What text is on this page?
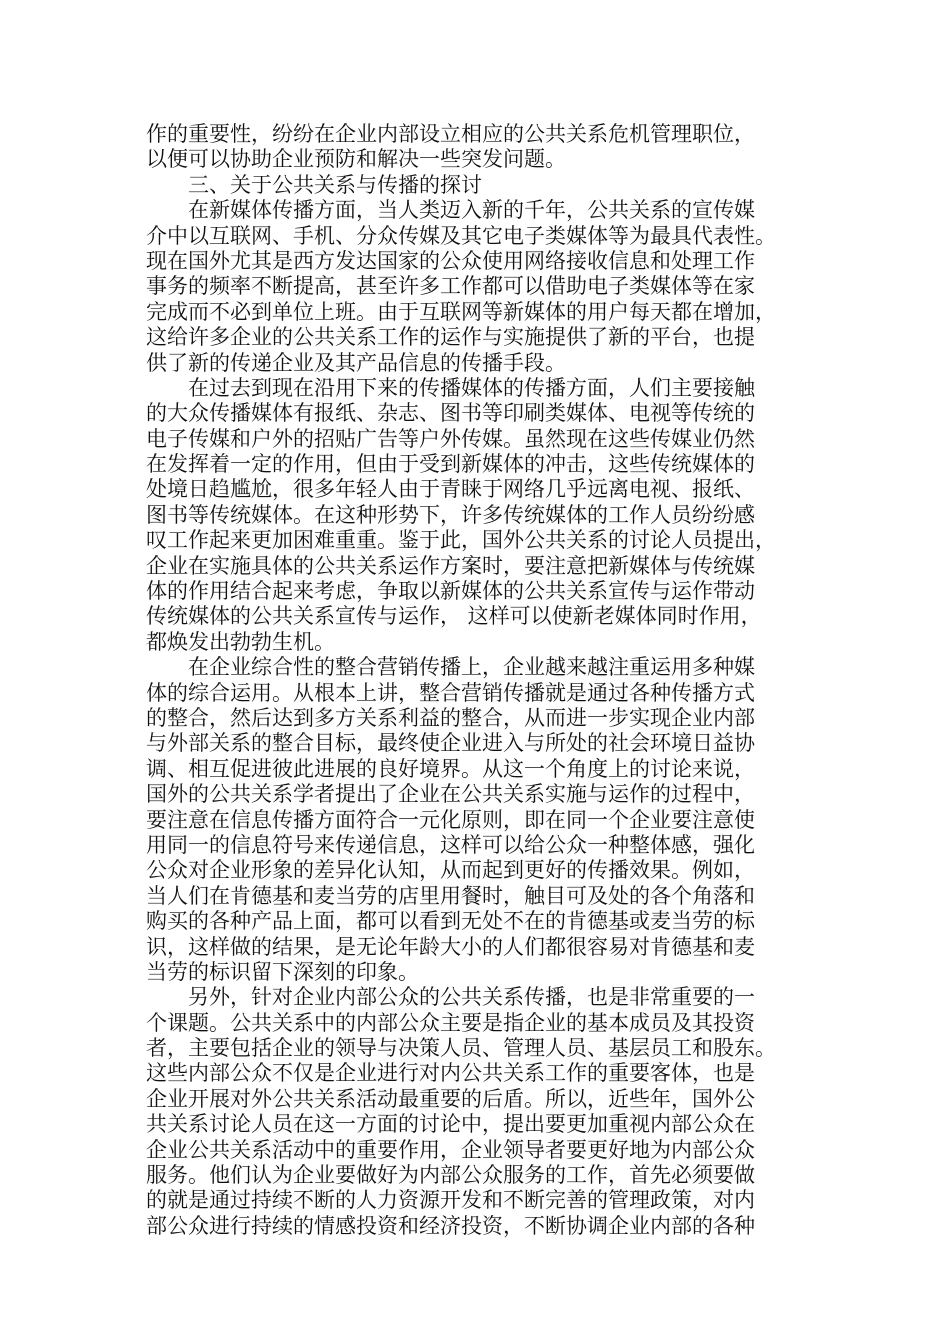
作的重要性，纷纷在企业内部设立相应的公共关系危机管理职位，
以便可以协助企业预防和解决一些突发问题。
三、关于公共关系与传播的探讨
在新媒体传播方面，当人类迈入新的千年，公共关系的宣传媒
介中以互联网、手机、分众传媒及其它电子类媒体等为最具代表性。
现在国外尤其是西方发达国家的公众使用网络接收信息和处理工作
事务的频率不断提高，甚至许多工作都可以借助电子类媒体等在家
完成而不必到单位上班。由于互联网等新媒体的用户每天都在增加，
这给许多企业的公共关系工作的运作与实施提供了新的平台，也提
供了新的传递企业及其产品信息的传播手段。
在过去到现在沿用下来的传播媒体的传播方面，人们主要接触
的大众传播媒体有报纸、杂志、图书等印刷类媒体、电视等传统的
电子传媒和户外的招贴广告等户外传媒。虽然现在这些传媒业仍然
在发挥着一定的作用，但由于受到新媒体的冲击，这些传统媒体的
处境日趋尴尬，很多年轻人由于青睐于网络几乎远离电视、报纸、
图书等传统媒体。在这种形势下，许多传统媒体的工作人员纷纷感
叹工作起来更加困难重重。鉴于此，国外公共关系的讨论人员提出，
企业在实施具体的公共关系运作方案时，要注意把新媒体与传统媒
体的作用结合起来考虑，争取以新媒体的公共关系宣传与运作带动
传统媒体的公共关系宣传与运作， 这样可以使新老媒体同时作用，
都焕发出勃勃生机。
在企业综合性的整合营销传播上，企业越来越注重运用多种媒
体的综合运用。从根本上讲，整合营销传播就是通过各种传播方式
的整合，然后达到多方关系利益的整合，从而进一步实现企业内部
与外部关系的整合目标，最终使企业进入与所处的社会环境日益协
调、相互促进彼此进展的良好境界。从这一个角度上的讨论来说，
国外的公共关系学者提出了企业在公共关系实施与运作的过程中，
要注意在信息传播方面符合一元化原则，即在同一个企业要注意使
用同一的信息符号来传递信息，这样可以给公众一种整体感，强化
公众对企业形象的差异化认知，从而起到更好的传播效果。例如，
当人们在肯德基和麦当劳的店里用餐时，触目可及处的各个角落和
购买的各种产品上面，都可以看到无处不在的肯德基或麦当劳的标
识，这样做的结果，是无论年龄大小的人们都很容易对肯德基和麦
当劳的标识留下深刻的印象。
另外，针对企业内部公众的公共关系传播，也是非常重要的一
个课题。公共关系中的内部公众主要是指企业的基本成员及其投资
者，主要包括企业的领导与决策人员、管理人员、基层员工和股东。
这些内部公众不仅是企业进行对内公共关系工作的重要客体，也是
企业开展对外公共关系活动最重要的后盾。所以，近些年，国外公
共关系讨论人员在这一方面的讨论中，提出要更加重视内部公众在
企业公共关系活动中的重要作用，企业领导者要更好地为内部公众
服务。他们认为企业要做好为内部公众服务的工作，首先必须要做
的就是通过持续不断的人力资源开发和不断完善的管理政策，对内
部公众进行持续的情感投资和经济投资，不断协调企业内部的各种
